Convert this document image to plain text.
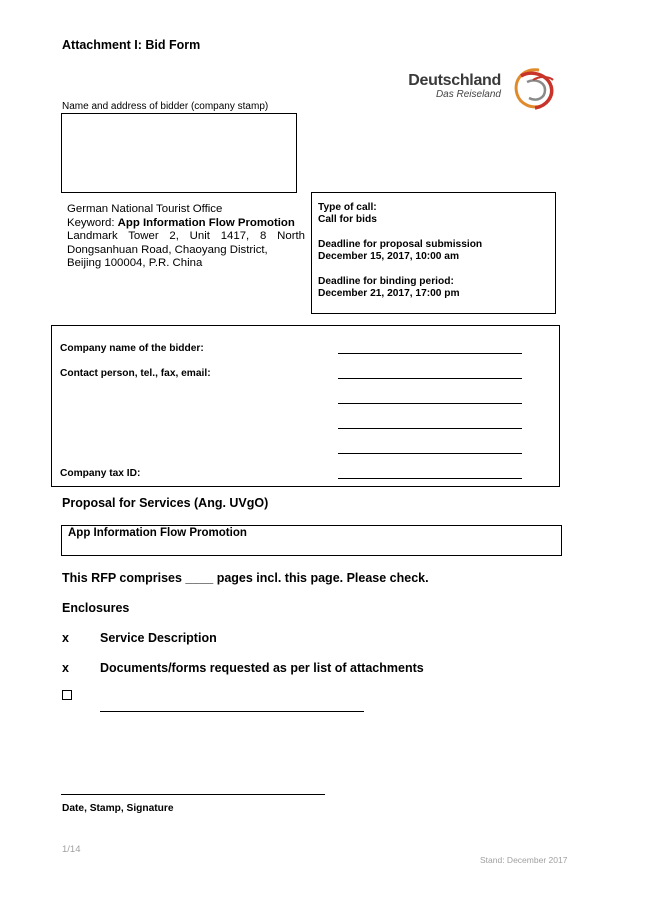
Attachment I: Bid Form
Deutschland
Das Reiseland
Name and address of bidder (company stamp)
German National Tourist Office
Keyword: App Information Flow Promotion
Landmark Tower 2, Unit 1417, 8 North Dongsanhuan Road, Chaoyang District,
Beijing 100004, P.R. China
Type of call:
Call for bids
Deadline for proposal submission
December 15, 2017, 10:00 am
Deadline for binding period:
December 21, 2017, 17:00 pm
Company name of the bidder:
Contact person, tel., fax, email:
Company tax ID:
Proposal for Services (Ang. UVgO)
App Information Flow Promotion
This RFP comprises ____ pages incl. this page. Please check.
Enclosures
x Service Description
x Documents/forms requested as per list of attachments
Date, Stamp, Signature
1/14
Stand: December 2017
